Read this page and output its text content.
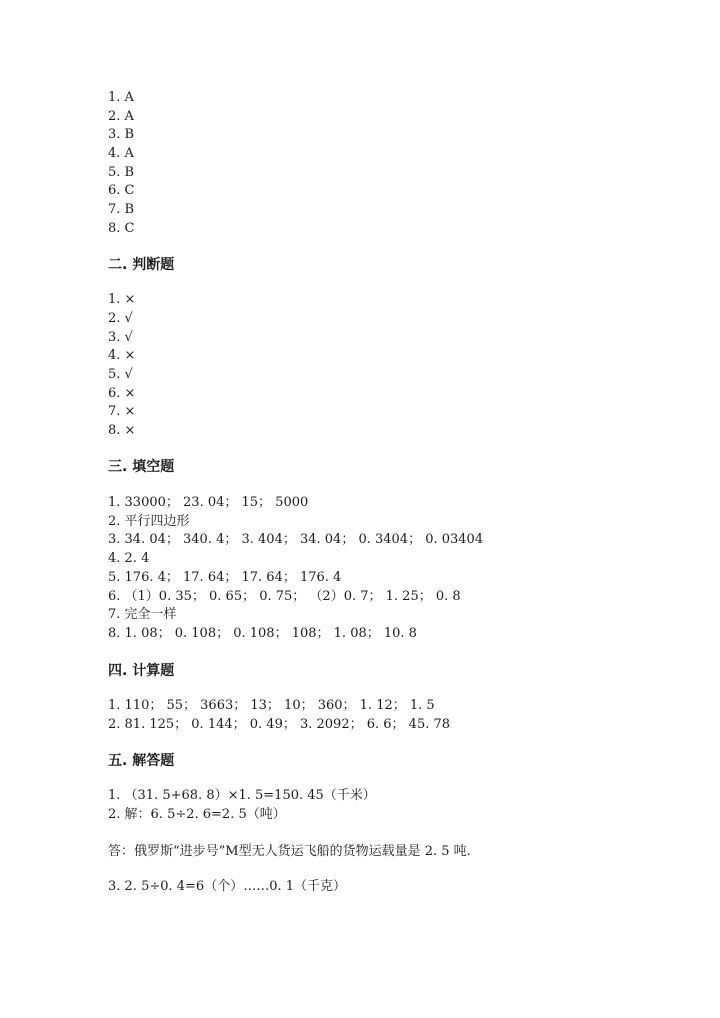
1. A
2. A
3. B
4. A
5. B
6. C
7. B
8. C
二. 判断题
1. ×
2. √
3. √
4. ×
5. √
6. ×
7. ×
8. ×
三. 填空题
1. 33000； 23. 04； 15； 5000
2. 平行四边形
3. 34. 04； 340. 4； 3. 404； 34. 04； 0. 3404； 0. 03404
4. 2. 4
5. 176. 4； 17. 64； 17. 64； 176. 4
6. （1）0. 35； 0. 65； 0. 75； （2）0. 7； 1. 25； 0. 8
7. 完全一样
8. 1. 08； 0. 108； 0. 108； 108； 1. 08； 10. 8
四. 计算题
1. 110； 55； 3663； 13； 10； 360； 1. 12； 1. 5
2. 81. 125； 0. 144； 0. 49； 3. 2092； 6. 6； 45. 78
五. 解答题
1. （31. 5+68. 8）×1. 5=150. 45（千米）
2. 解：6. 5÷2. 6=2. 5（吨）
答：俄罗斯“进步号”M型无人货运飞船的货物运载量是 2. 5 吨.
3. 2. 5÷0. 4=6（个）……0. 1（千克）
